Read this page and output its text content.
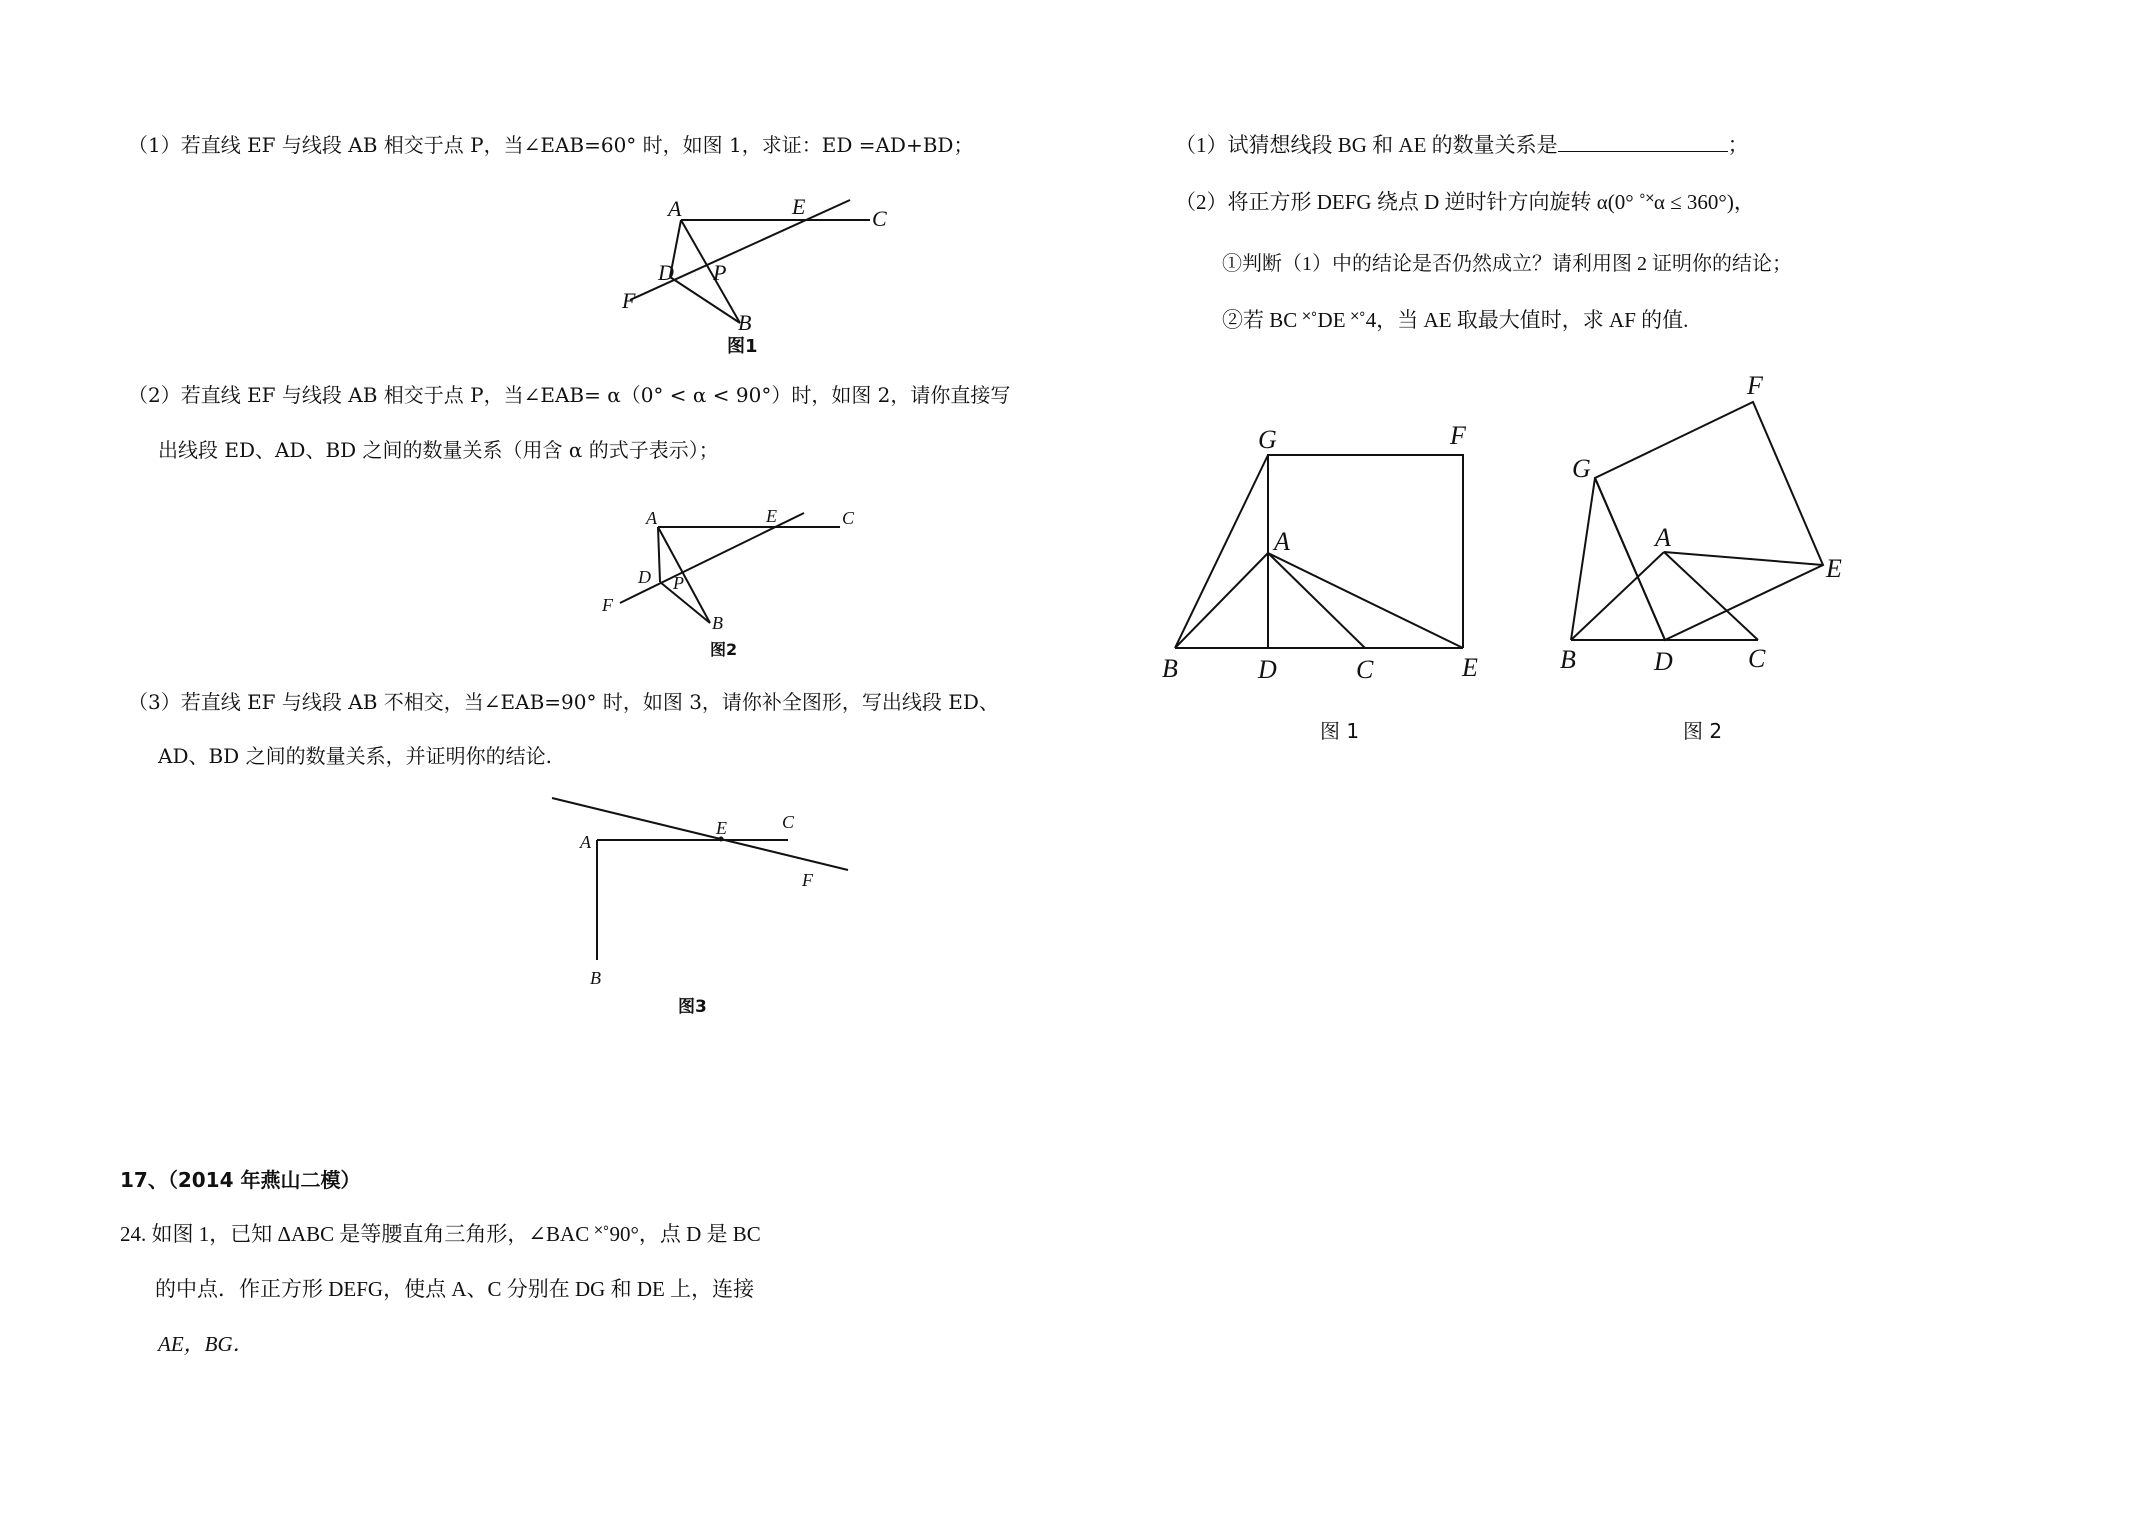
（1）若直线 EF 与线段 AB 相交于点 P，当∠EAB=60° 时，如图 1，求证：ED =AD+BD；
A	E	C
D P
F
B
图1
（2）若直线 EF 与线段 AB 相交于点 P，当∠EAB= α（0° < α < 90°）时，如图 2，请你直接写
出线段 ED、AD、BD 之间的数量关系（用含 α 的式子表示）；
A	E	C
D P
F
B
图2
（3）若直线 EF 与线段 AB 不相交，当∠EAB=90° 时，如图 3，请你补全图形，写出线段 ED、
AD、BD 之间的数量关系，并证明你的结论.
A
E	C
F
B
图3
17、（2014 年燕山二模）
24. 如图 1，已知 ΔABC 是等腰直角三角形，∠BAC ˟˚90°，点 D 是 BC
的中点．作正方形 DEFG，使点 A、C 分别在 DG 和 DE 上，连接
AE，BG．
（1）试猜想线段 BG 和 AE 的数量关系是	；
（2）将正方形 DEFG 绕点 D 逆时针方向旋转 α(0° ˚˟α ≤ 360°)，
①判断（1）中的结论是否仍然成立？请利用图 2 证明你的结论；
②若 BC ˟˚DE ˟˚4，当 AE 取最大值时，求 AF 的值.
G	F
A
B	D	C	E
图 1
F
G
A
E
B	D	C
图 2
